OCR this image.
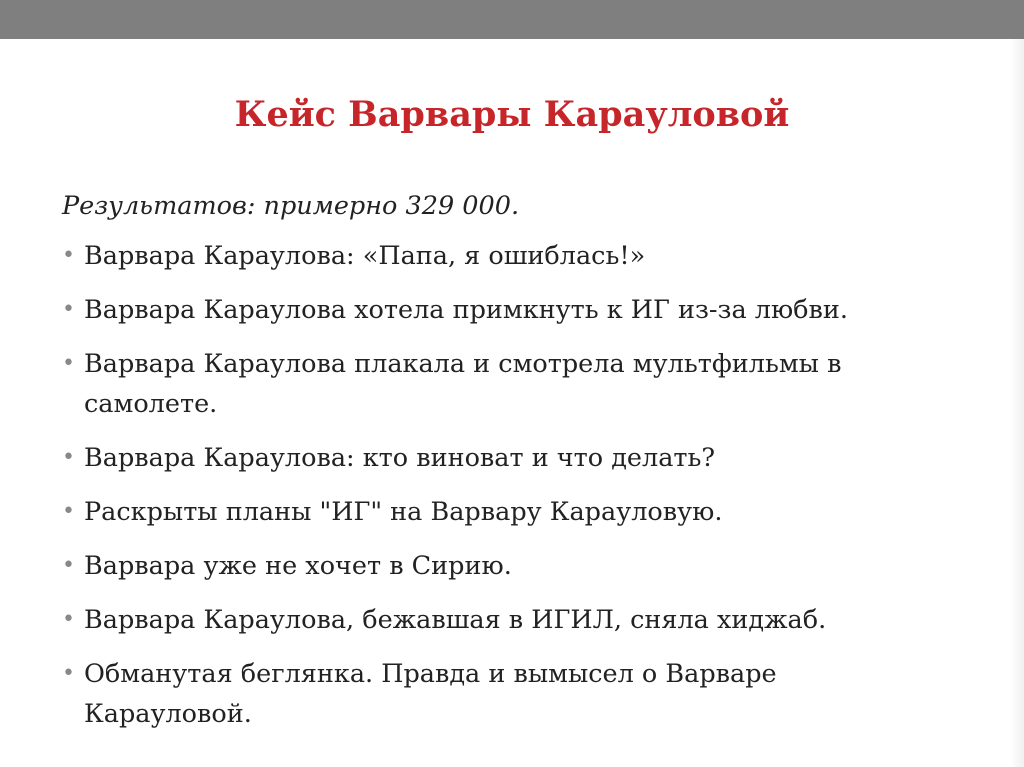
Кейс Варвары Карауловой
Результатов: примерно 329 000.
• Варвара Караулова: «Папа, я ошиблась!»
• Варвара Караулова хотела примкнуть к ИГ из-за любви.
• Варвара Караулова плакала и смотрела мультфильмы в самолете.
• Варвара Караулова: кто виноват и что делать?
• Раскрыты планы "ИГ" на Варвару Карауловую.
• Варвара уже не хочет в Сирию.
• Варвара Караулова, бежавшая в ИГИЛ, сняла хиджаб.
• Обманутая беглянка. Правда и вымысел о Варваре Карауловой.
